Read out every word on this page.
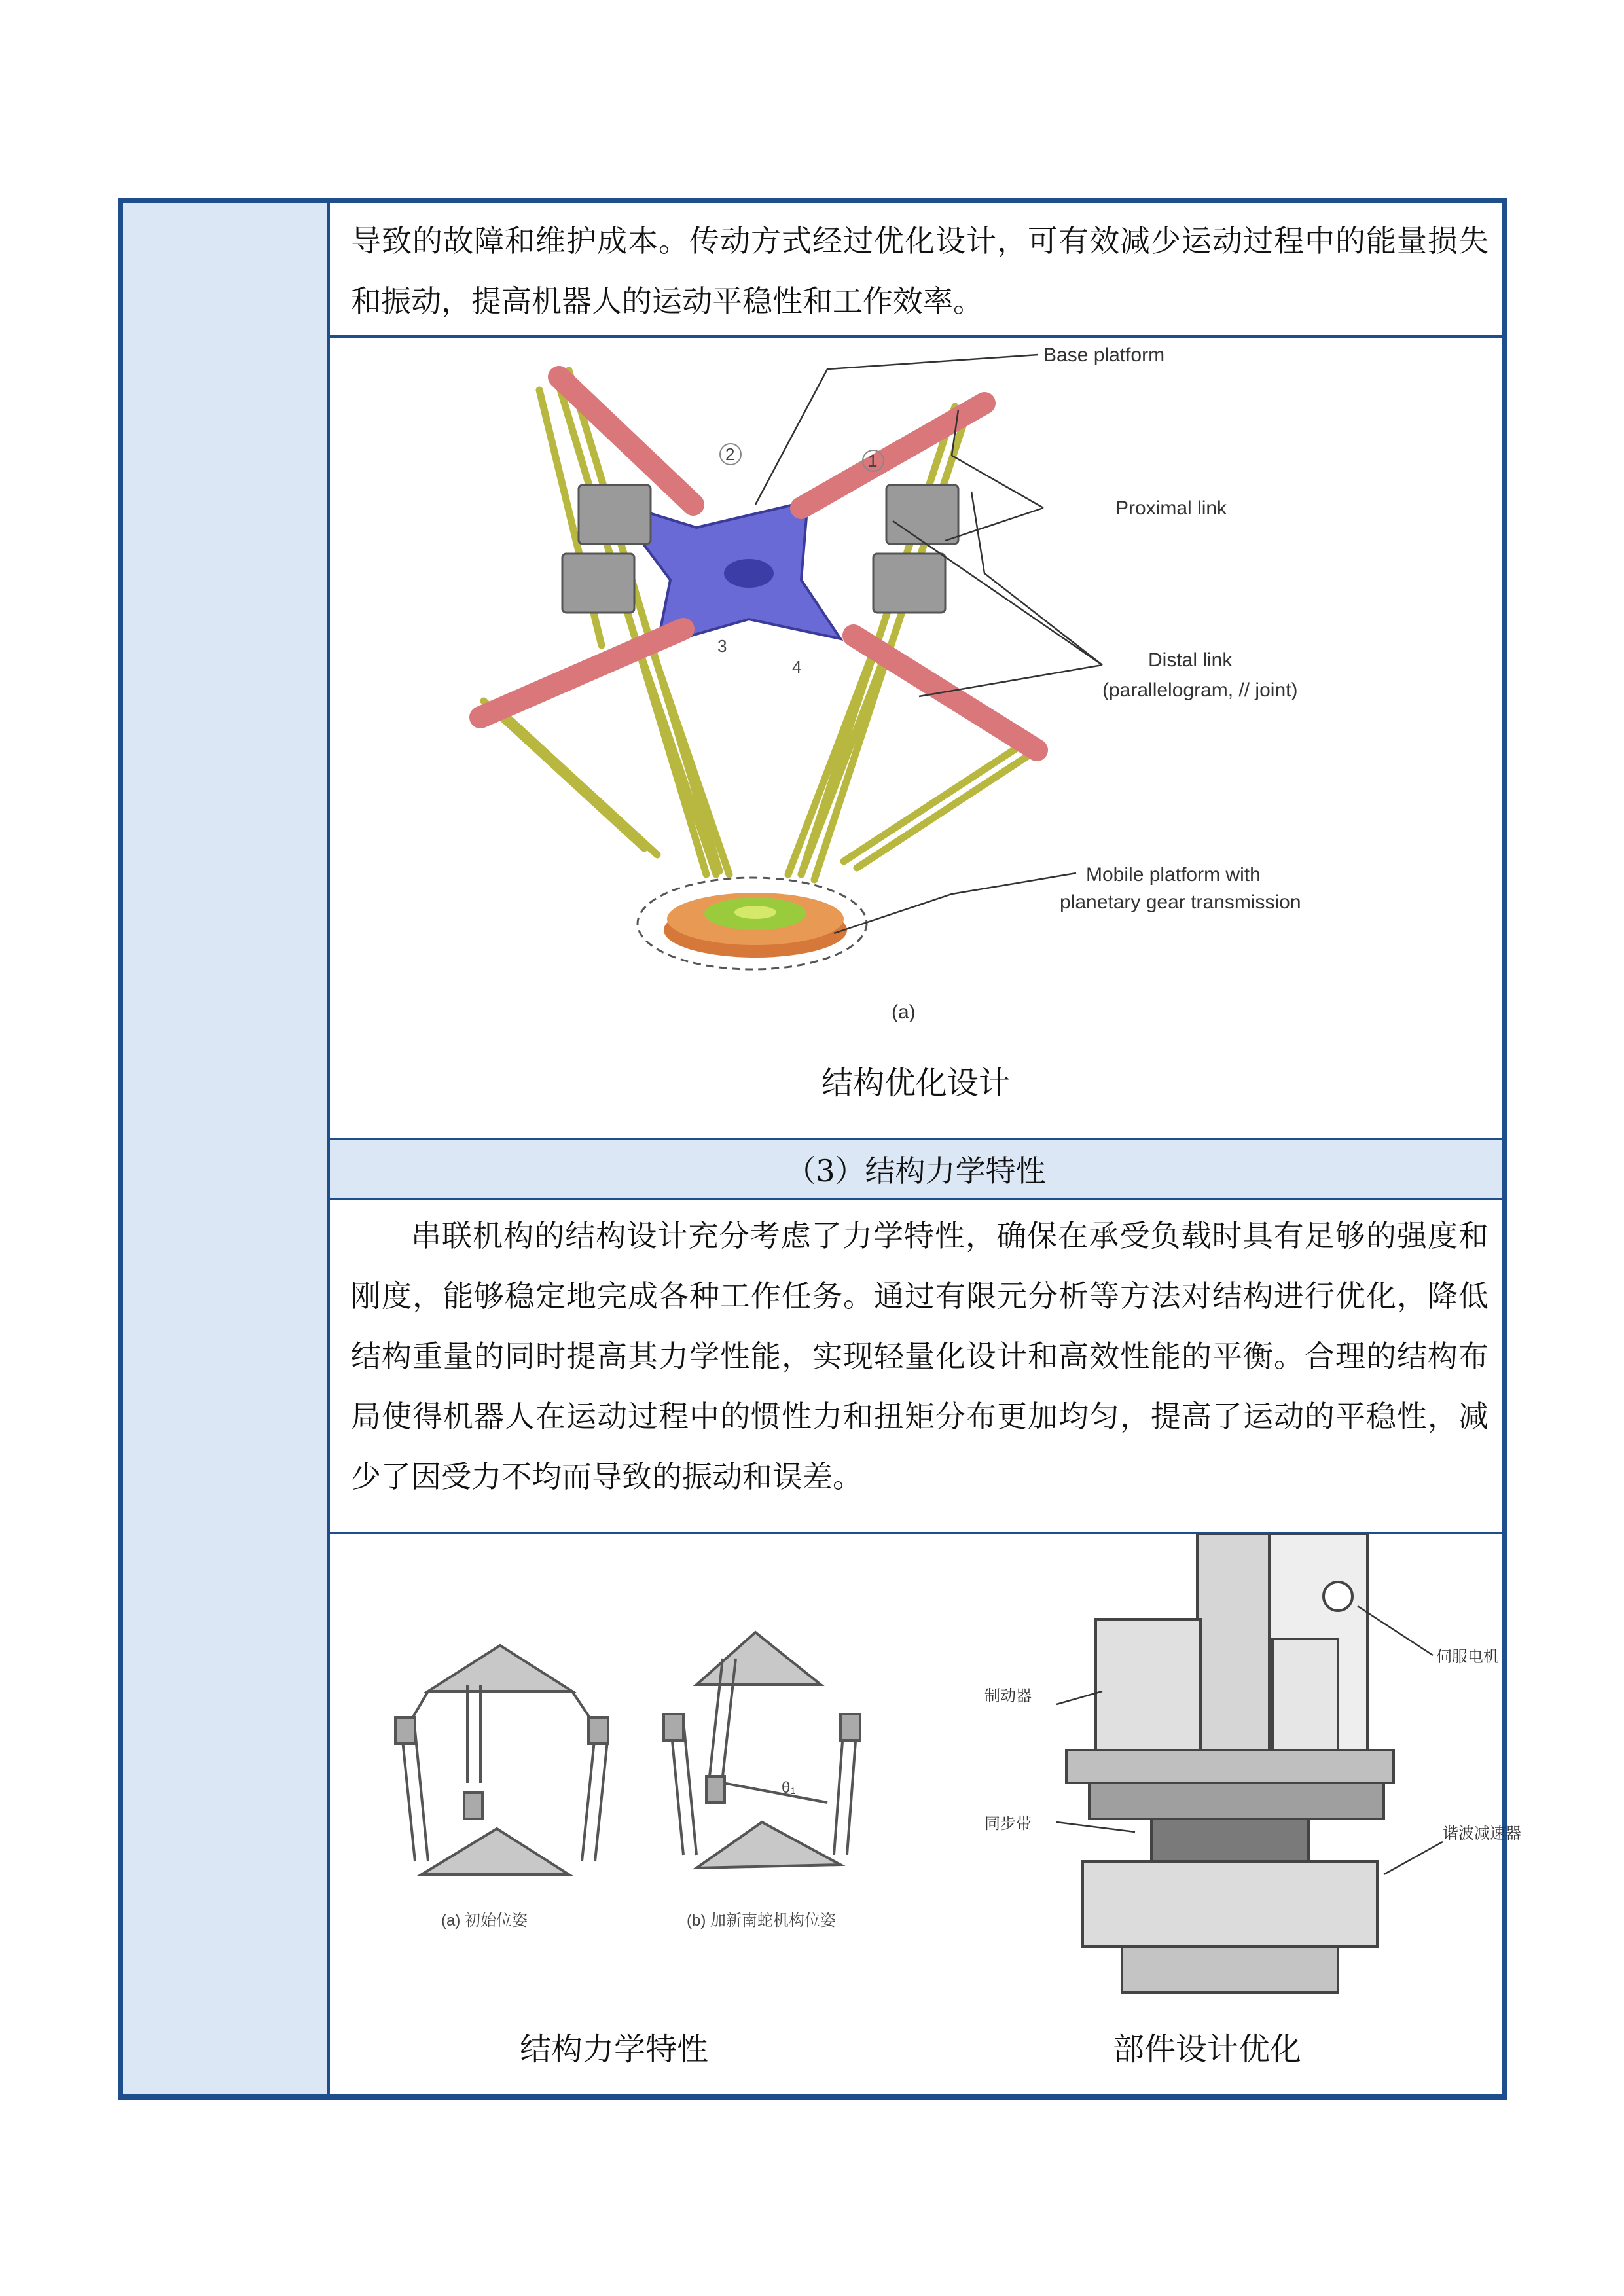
导致的故障和维护成本。传动方式经过优化设计，可有效减少运动过程中的能量损失和振动，提高机器人的运动平稳性和工作效率。

2	1
3
4
Base platform
Proximal link
Distal link
(parallelogram, // joint)
Mobile platform with
planetary gear transmission
(a)
结构优化设计
（3）结构力学特性

串联机构的结构设计充分考虑了力学特性，确保在承受负载时具有足够的强度和刚度，能够稳定地完成各种工作任务。通过有限元分析等方法对结构进行优化，降低结构重量的同时提高其力学性能，实现轻量化设计和高效性能的平衡。合理的结构布局使得机器人在运动过程中的惯性力和扭矩分布更加均匀，提高了运动的平稳性，减少了因受力不均而导致的振动和误差。

θ₁
(a) 初始位姿	(b) 加新南蛇机构位姿
伺服电机
制动器
同步带
谐波减速器
结构力学特性	部件设计优化
